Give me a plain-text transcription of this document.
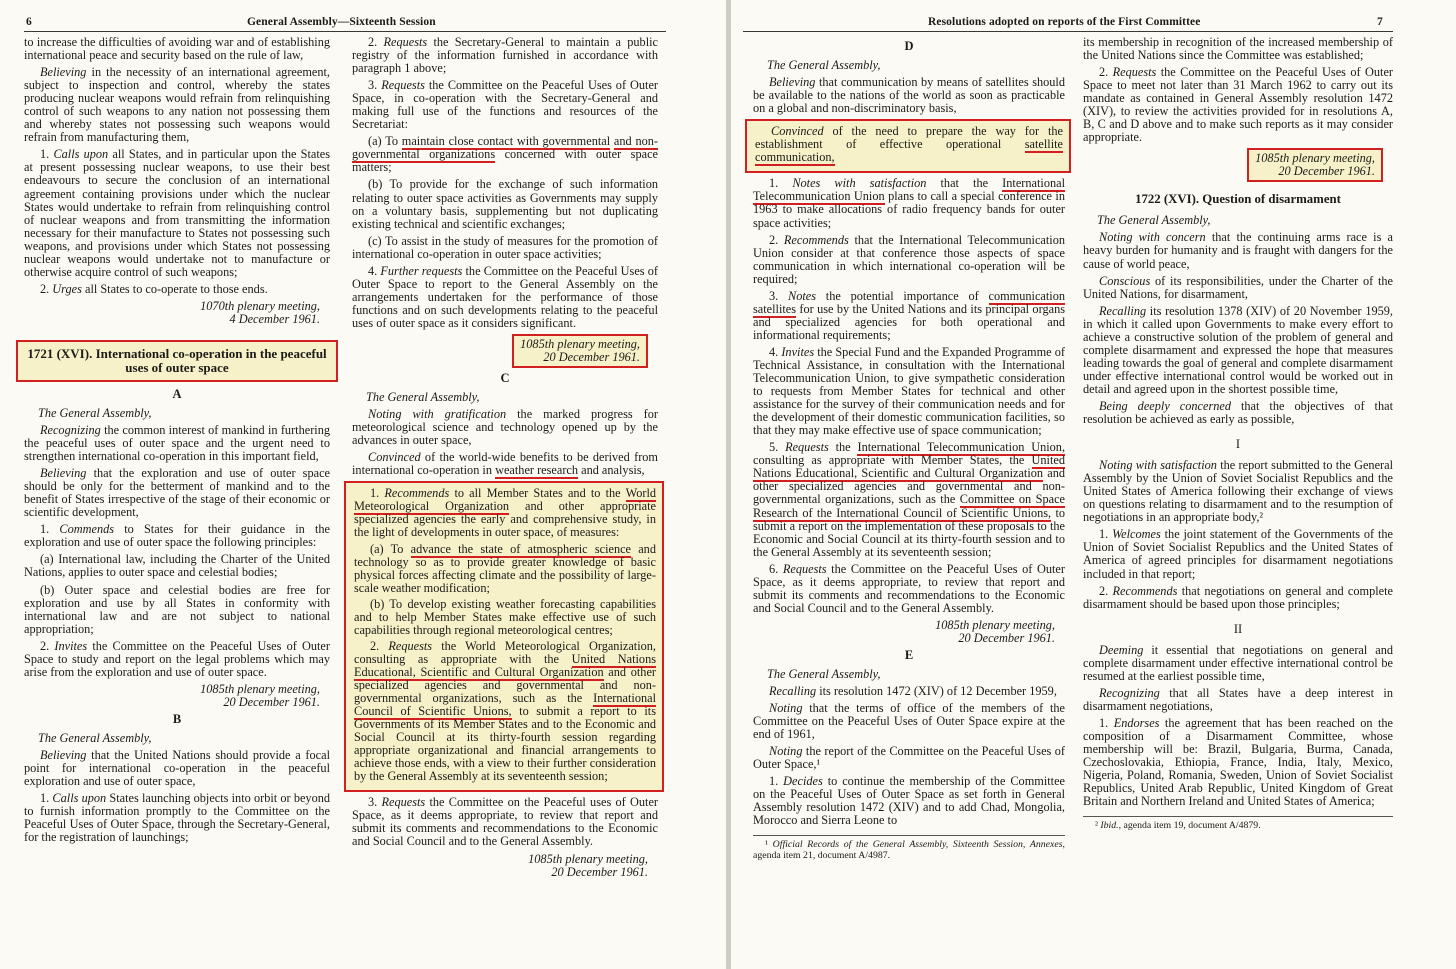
6	General Assembly—Sixteenth Session

to increase the difficulties of avoiding war and of establishing international peace and security based on the rule of law,

Believing in the necessity of an international agreement, subject to inspection and control, whereby the states producing nuclear weapons would refrain from relinquishing control of such weapons to any nation not possessing them and whereby states not possessing such weapons would refrain from manufacturing them,

1. Calls upon all States, and in particular upon the States at present possessing nuclear weapons, to use their best endeavours to secure the conclusion of an international agreement containing provisions under which the nuclear States would undertake to refrain from relinquishing control of nuclear weapons and from transmitting the information necessary for their manufacture to States not possessing such weapons, and provisions under which States not possessing nuclear weapons would undertake not to manufacture or otherwise acquire control of such weapons;

2. Urges all States to co-operate to those ends.

1070th plenary meeting,
4 December 1961.

1721 (XVI). International co-operation in the peaceful uses of outer space
A

The General Assembly,

Recognizing the common interest of mankind in furthering the peaceful uses of outer space and the urgent need to strengthen international co-operation in this important field,

Believing that the exploration and use of outer space should be only for the betterment of mankind and to the benefit of States irrespective of the stage of their economic or scientific development,

1. Commends to States for their guidance in the exploration and use of outer space the following principles:

(a) International law, including the Charter of the United Nations, applies to outer space and celestial bodies;

(b) Outer space and celestial bodies are free for exploration and use by all States in conformity with international law and are not subject to national appropriation;

2. Invites the Committee on the Peaceful Uses of Outer Space to study and report on the legal problems which may arise from the exploration and use of outer space.

1085th plenary meeting,
20 December 1961.

B

The General Assembly,

Believing that the United Nations should provide a focal point for international co-operation in the peaceful exploration and use of outer space,

1. Calls upon States launching objects into orbit or beyond to furnish information promptly to the Committee on the Peaceful Uses of Outer Space, through the Secretary-General, for the registration of launchings;

2. Requests the Secretary-General to maintain a public registry of the information furnished in accordance with paragraph 1 above;

3. Requests the Committee on the Peaceful Uses of Outer Space, in co-operation with the Secretary-General and making full use of the functions and resources of the Secretariat:

(a) To maintain close contact with governmental and non-governmental organizations concerned with outer space matters;

(b) To provide for the exchange of such information relating to outer space activities as Governments may supply on a voluntary basis, supplementing but not duplicating existing technical and scientific exchanges;

(c) To assist in the study of measures for the promotion of international co-operation in outer space activities;

4. Further requests the Committee on the Peaceful Uses of Outer Space to report to the General Assembly on the arrangements undertaken for the performance of those functions and on such developments relating to the peaceful uses of outer space as it considers significant.

1085th plenary meeting,
20 December 1961.

C

The General Assembly,

Noting with gratification the marked progress for meteorological science and technology opened up by the advances in outer space,

Convinced of the world-wide benefits to be derived from international co-operation in weather research and analysis,

1. Recommends to all Member States and to the World Meteorological Organization and other appropriate specialized agencies the early and comprehensive study, in the light of developments in outer space, of measures:

(a) To advance the state of atmospheric science and technology so as to provide greater knowledge of basic physical forces affecting climate and the possibility of large-scale weather modification;

(b) To develop existing weather forecasting capabilities and to help Member States make effective use of such capabilities through regional meteorological centres;

2. Requests the World Meteorological Organization, consulting as appropriate with the United Nations Educational, Scientific and Cultural Organization and other specialized agencies and governmental and non-governmental organizations, such as the International Council of Scientific Unions, to submit a report to its Governments of its Member States and to the Economic and Social Council at its thirty-fourth session regarding appropriate organizational and financial arrangements to achieve those ends, with a view to their further consideration by the General Assembly at its seventeenth session;

3. Requests the Committee on the Peaceful uses of Outer Space, as it deems appropriate, to review that report and submit its comments and recommendations to the Economic and Social Council and to the General Assembly.

1085th plenary meeting,
20 December 1961.

Resolutions adopted on reports of the First Committee	7
D

The General Assembly,

Believing that communication by means of satellites should be available to the nations of the world as soon as practicable on a global and non-discriminatory basis,

Convinced of the need to prepare the way for the establishment of effective operational satellite communication,

1. Notes with satisfaction that the International Telecommunication Union plans to call a special conference in 1963 to make allocations of radio frequency bands for outer space activities;

2. Recommends that the International Telecommunication Union consider at that conference those aspects of space communication in which international co-operation will be required;

3. Notes the potential importance of communication satellites for use by the United Nations and its principal organs and specialized agencies for both operational and informational requirements;

4. Invites the Special Fund and the Expanded Programme of Technical Assistance, in consultation with the International Telecommunication Union, to give sympathetic consideration to requests from Member States for technical and other assistance for the survey of their communication needs and for the development of their domestic communication facilities, so that they may make effective use of space communication;

5. Requests the International Telecommunication Union, consulting as appropriate with Member States, the United Nations Educational, Scientific and Cultural Organization and other specialized agencies and governmental and non-governmental organizations, such as the Committee on Space Research of the International Council of Scientific Unions, to submit a report on the implementation of these proposals to the Economic and Social Council at its thirty-fourth session and to the General Assembly at its seventeenth session;

6. Requests the Committee on the Peaceful Uses of Outer Space, as it deems appropriate, to review that report and submit its comments and recommendations to the Economic and Social Council and to the General Assembly.

1085th plenary meeting,
20 December 1961.

E

The General Assembly,

Recalling its resolution 1472 (XIV) of 12 December 1959,

Noting that the terms of office of the members of the Committee on the Peaceful Uses of Outer Space expire at the end of 1961,

Noting the report of the Committee on the Peaceful Uses of Outer Space,¹

1. Decides to continue the membership of the Committee on the Peaceful Uses of Outer Space as set forth in General Assembly resolution 1472 (XIV) and to add Chad, Mongolia, Morocco and Sierra Leone to

¹ Official Records of the General Assembly, Sixteenth Session, Annexes, agenda item 21, document A/4987.

its membership in recognition of the increased membership of the United Nations since the Committee was established;

2. Requests the Committee on the Peaceful Uses of Outer Space to meet not later than 31 March 1962 to carry out its mandate as contained in General Assembly resolution 1472 (XIV), to review the activities provided for in resolutions A, B, C and D above and to make such reports as it may consider appropriate.

1085th plenary meeting,
20 December 1961.

1722 (XVI). Question of disarmament

The General Assembly,

Noting with concern that the continuing arms race is a heavy burden for humanity and is fraught with dangers for the cause of world peace,

Conscious of its responsibilities, under the Charter of the United Nations, for disarmament,

Recalling its resolution 1378 (XIV) of 20 November 1959, in which it called upon Governments to make every effort to achieve a constructive solution of the problem of general and complete disarmament and expressed the hope that measures leading towards the goal of general and complete disarmament under effective international control would be worked out in detail and agreed upon in the shortest possible time,

Being deeply concerned that the objectives of that resolution be achieved as early as possible,

I

Noting with satisfaction the report submitted to the General Assembly by the Union of Soviet Socialist Republics and the United States of America following their exchange of views on questions relating to disarmament and to the resumption of negotiations in an appropriate body,²

1. Welcomes the joint statement of the Governments of the Union of Soviet Socialist Republics and the United States of America of agreed principles for disarmament negotiations included in that report;

2. Recommends that negotiations on general and complete disarmament should be based upon those principles;

II

Deeming it essential that negotiations on general and complete disarmament under effective international control be resumed at the earliest possible time,

Recognizing that all States have a deep interest in disarmament negotiations,

1. Endorses the agreement that has been reached on the composition of a Disarmament Committee, whose membership will be: Brazil, Bulgaria, Burma, Canada, Czechoslovakia, Ethiopia, France, India, Italy, Mexico, Nigeria, Poland, Romania, Sweden, Union of Soviet Socialist Republics, United Arab Republic, United Kingdom of Great Britain and Northern Ireland and United States of America;

² Ibid., agenda item 19, document A/4879.
